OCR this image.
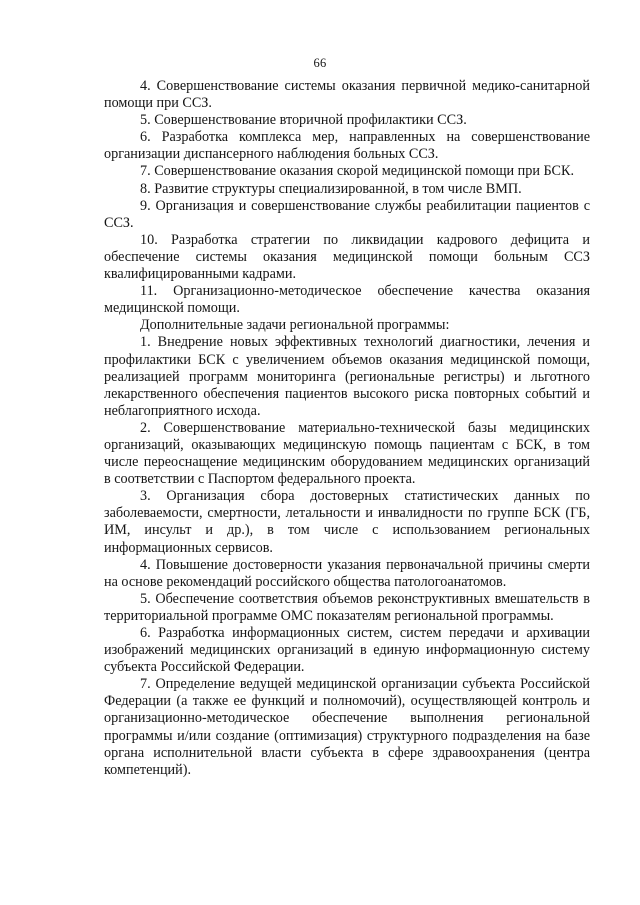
66

4. Совершенствование системы оказания первичной медико-санитарной помощи при ССЗ.

5. Совершенствование вторичной профилактики ССЗ.

6. Разработка комплекса мер, направленных на совершенствование организации диспансерного наблюдения больных ССЗ.

7. Совершенствование оказания скорой медицинской помощи при БСК.

8. Развитие структуры специализированной, в том числе ВМП.

9. Организация и совершенствование службы реабилитации пациентов с ССЗ.

10. Разработка стратегии по ликвидации кадрового дефицита и обеспечение системы оказания медицинской помощи больным ССЗ квалифицированными кадрами.

11. Организационно-методическое обеспечение качества оказания медицинской помощи.

Дополнительные задачи региональной программы:

1. Внедрение новых эффективных технологий диагностики, лечения и профилактики БСК с увеличением объемов оказания медицинской помощи, реализацией программ мониторинга (региональные регистры) и льготного лекарственного обеспечения пациентов высокого риска повторных событий и неблагоприятного исхода.

2. Совершенствование материально-технической базы медицинских организаций, оказывающих медицинскую помощь пациентам с БСК, в том числе переоснащение медицинским оборудованием медицинских организаций в соответствии с Паспортом федерального проекта.

3. Организация сбора достоверных статистических данных по заболеваемости, смертности, летальности и инвалидности по группе БСК (ГБ, ИМ, инсульт и др.), в том числе с использованием региональных информационных сервисов.

4. Повышение достоверности указания первоначальной причины смерти на основе рекомендаций российского общества патологоанатомов.

5. Обеспечение соответствия объемов реконструктивных вмешательств в территориальной программе ОМС показателям региональной программы.

6. Разработка информационных систем, систем передачи и архивации изображений медицинских организаций в единую информационную систему субъекта Российской Федерации.

7. Определение ведущей медицинской организации субъекта Российской Федерации (а также ее функций и полномочий), осуществляющей контроль и организационно-методическое обеспечение выполнения региональной программы и/или создание (оптимизация) структурного подразделения на базе органа исполнительной власти субъекта в сфере здравоохранения (центра компетенций).
